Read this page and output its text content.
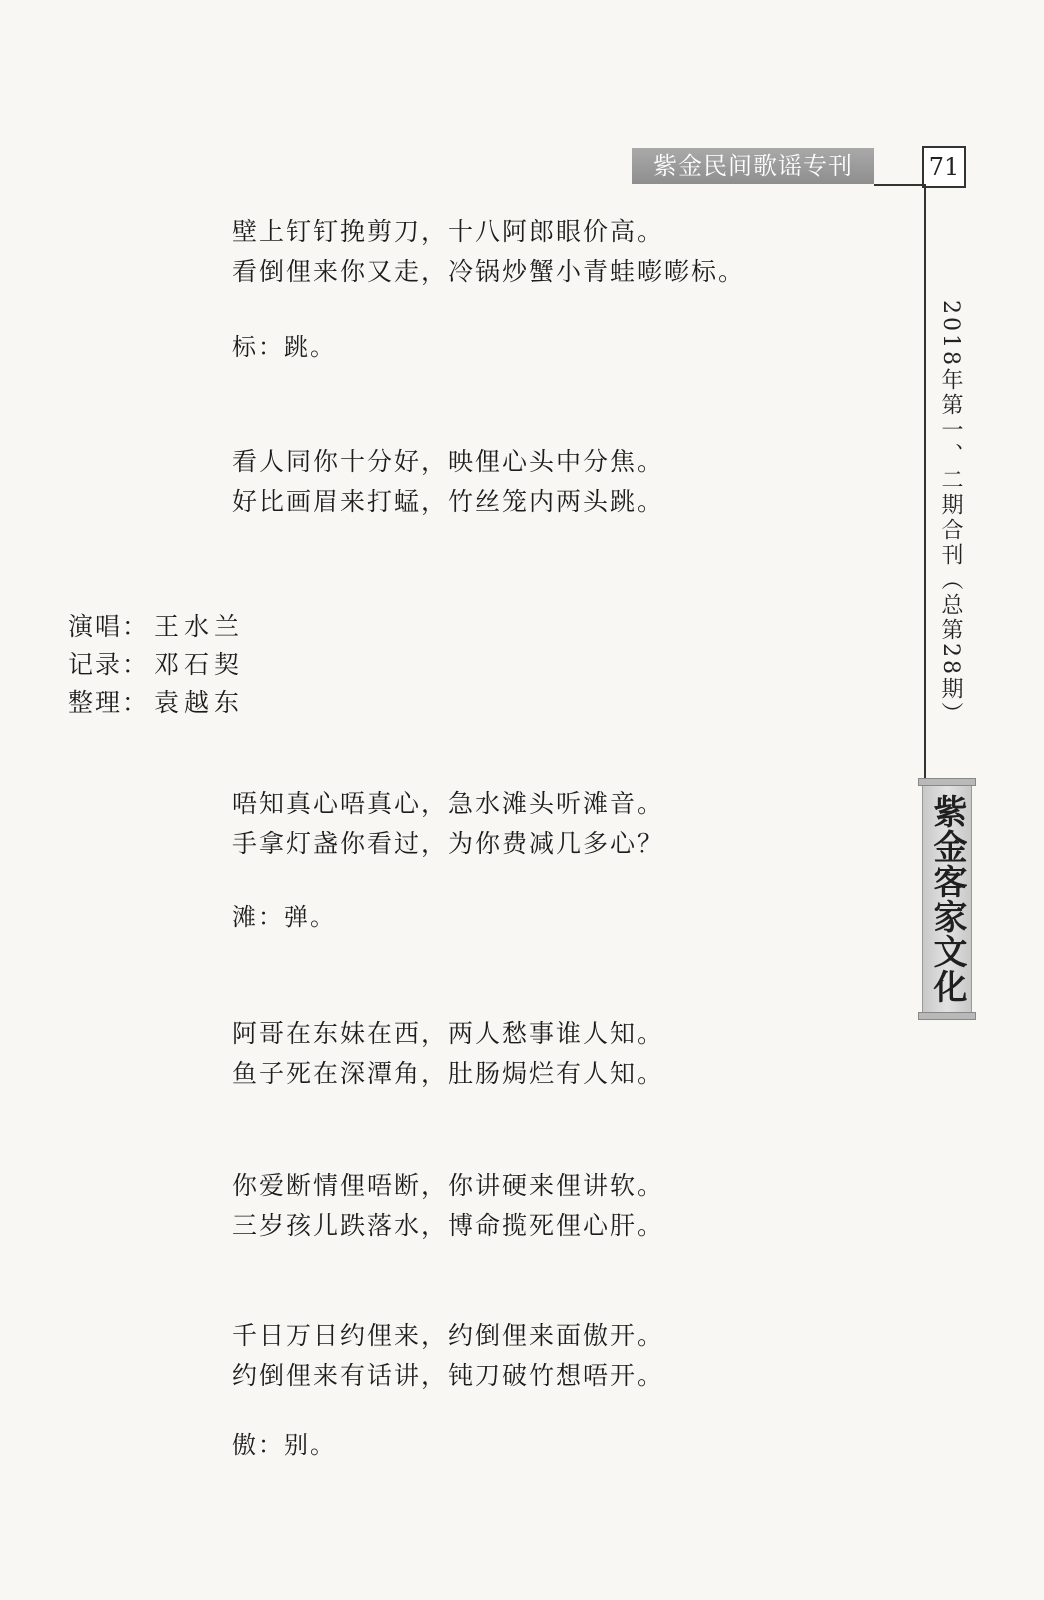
紫金民间歌谣专刊	71
2018年第一、二期合刊（总第28期）
紫金客家文化
壁上钉钉挽剪刀，十八阿郎眼价高。
看倒俚来你又走，冷锅炒蟹小青蛙嘭嘭标。
标：跳。
看人同你十分好，映俚心头中分焦。
好比画眉来打蜢，竹丝笼内两头跳。
演唱： 王水兰
记录： 邓石契
整理： 袁越东
唔知真心唔真心，急水滩头听滩音。
手拿灯盏你看过，为你费减几多心？
滩：弹。
阿哥在东妹在西，两人愁事谁人知。
鱼子死在深潭角，肚肠焗烂有人知。
你爱断情俚唔断，你讲硬来俚讲软。
三岁孩儿跌落水，博命揽死俚心肝。
千日万日约俚来，约倒俚来面傲开。
约倒俚来有话讲，钝刀破竹想唔开。
傲：别。
